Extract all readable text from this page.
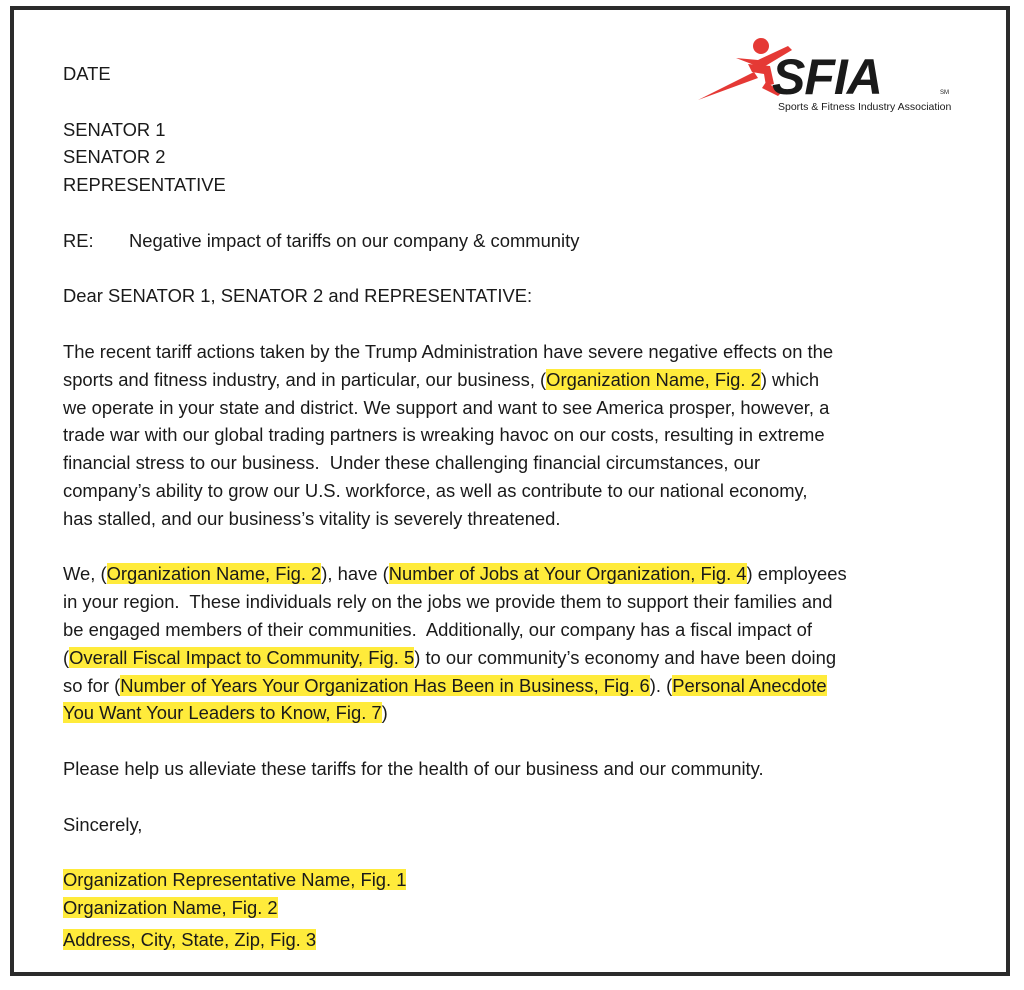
SFIA	SM
Sports & Fitness Industry Association
DATE
SENATOR 1
SENATOR 2
REPRESENTATIVE
RE: Negative impact of tariffs on our company & community
Dear SENATOR 1, SENATOR 2 and REPRESENTATIVE:
The recent tariff actions taken by the Trump Administration have severe negative effects on the
sports and fitness industry, and in particular, our business, (Organization Name, Fig. 2) which
we operate in your state and district. We support and want to see America prosper, however, a
trade war with our global trading partners is wreaking havoc on our costs, resulting in extreme
financial stress to our business.  Under these challenging financial circumstances, our
company’s ability to grow our U.S. workforce, as well as contribute to our national economy,
has stalled, and our business’s vitality is severely threatened.
We, (Organization Name, Fig. 2), have (Number of Jobs at Your Organization, Fig. 4) employees
in your region.  These individuals rely on the jobs we provide them to support their families and
be engaged members of their communities.  Additionally, our company has a fiscal impact of
(Overall Fiscal Impact to Community, Fig. 5) to our community’s economy and have been doing
so for (Number of Years Your Organization Has Been in Business, Fig. 6). (Personal Anecdote
You Want Your Leaders to Know, Fig. 7)
Please help us alleviate these tariffs for the health of our business and our community.
Sincerely,
Organization Representative Name, Fig. 1
Organization Name, Fig. 2
Address, City, State, Zip, Fig. 3
